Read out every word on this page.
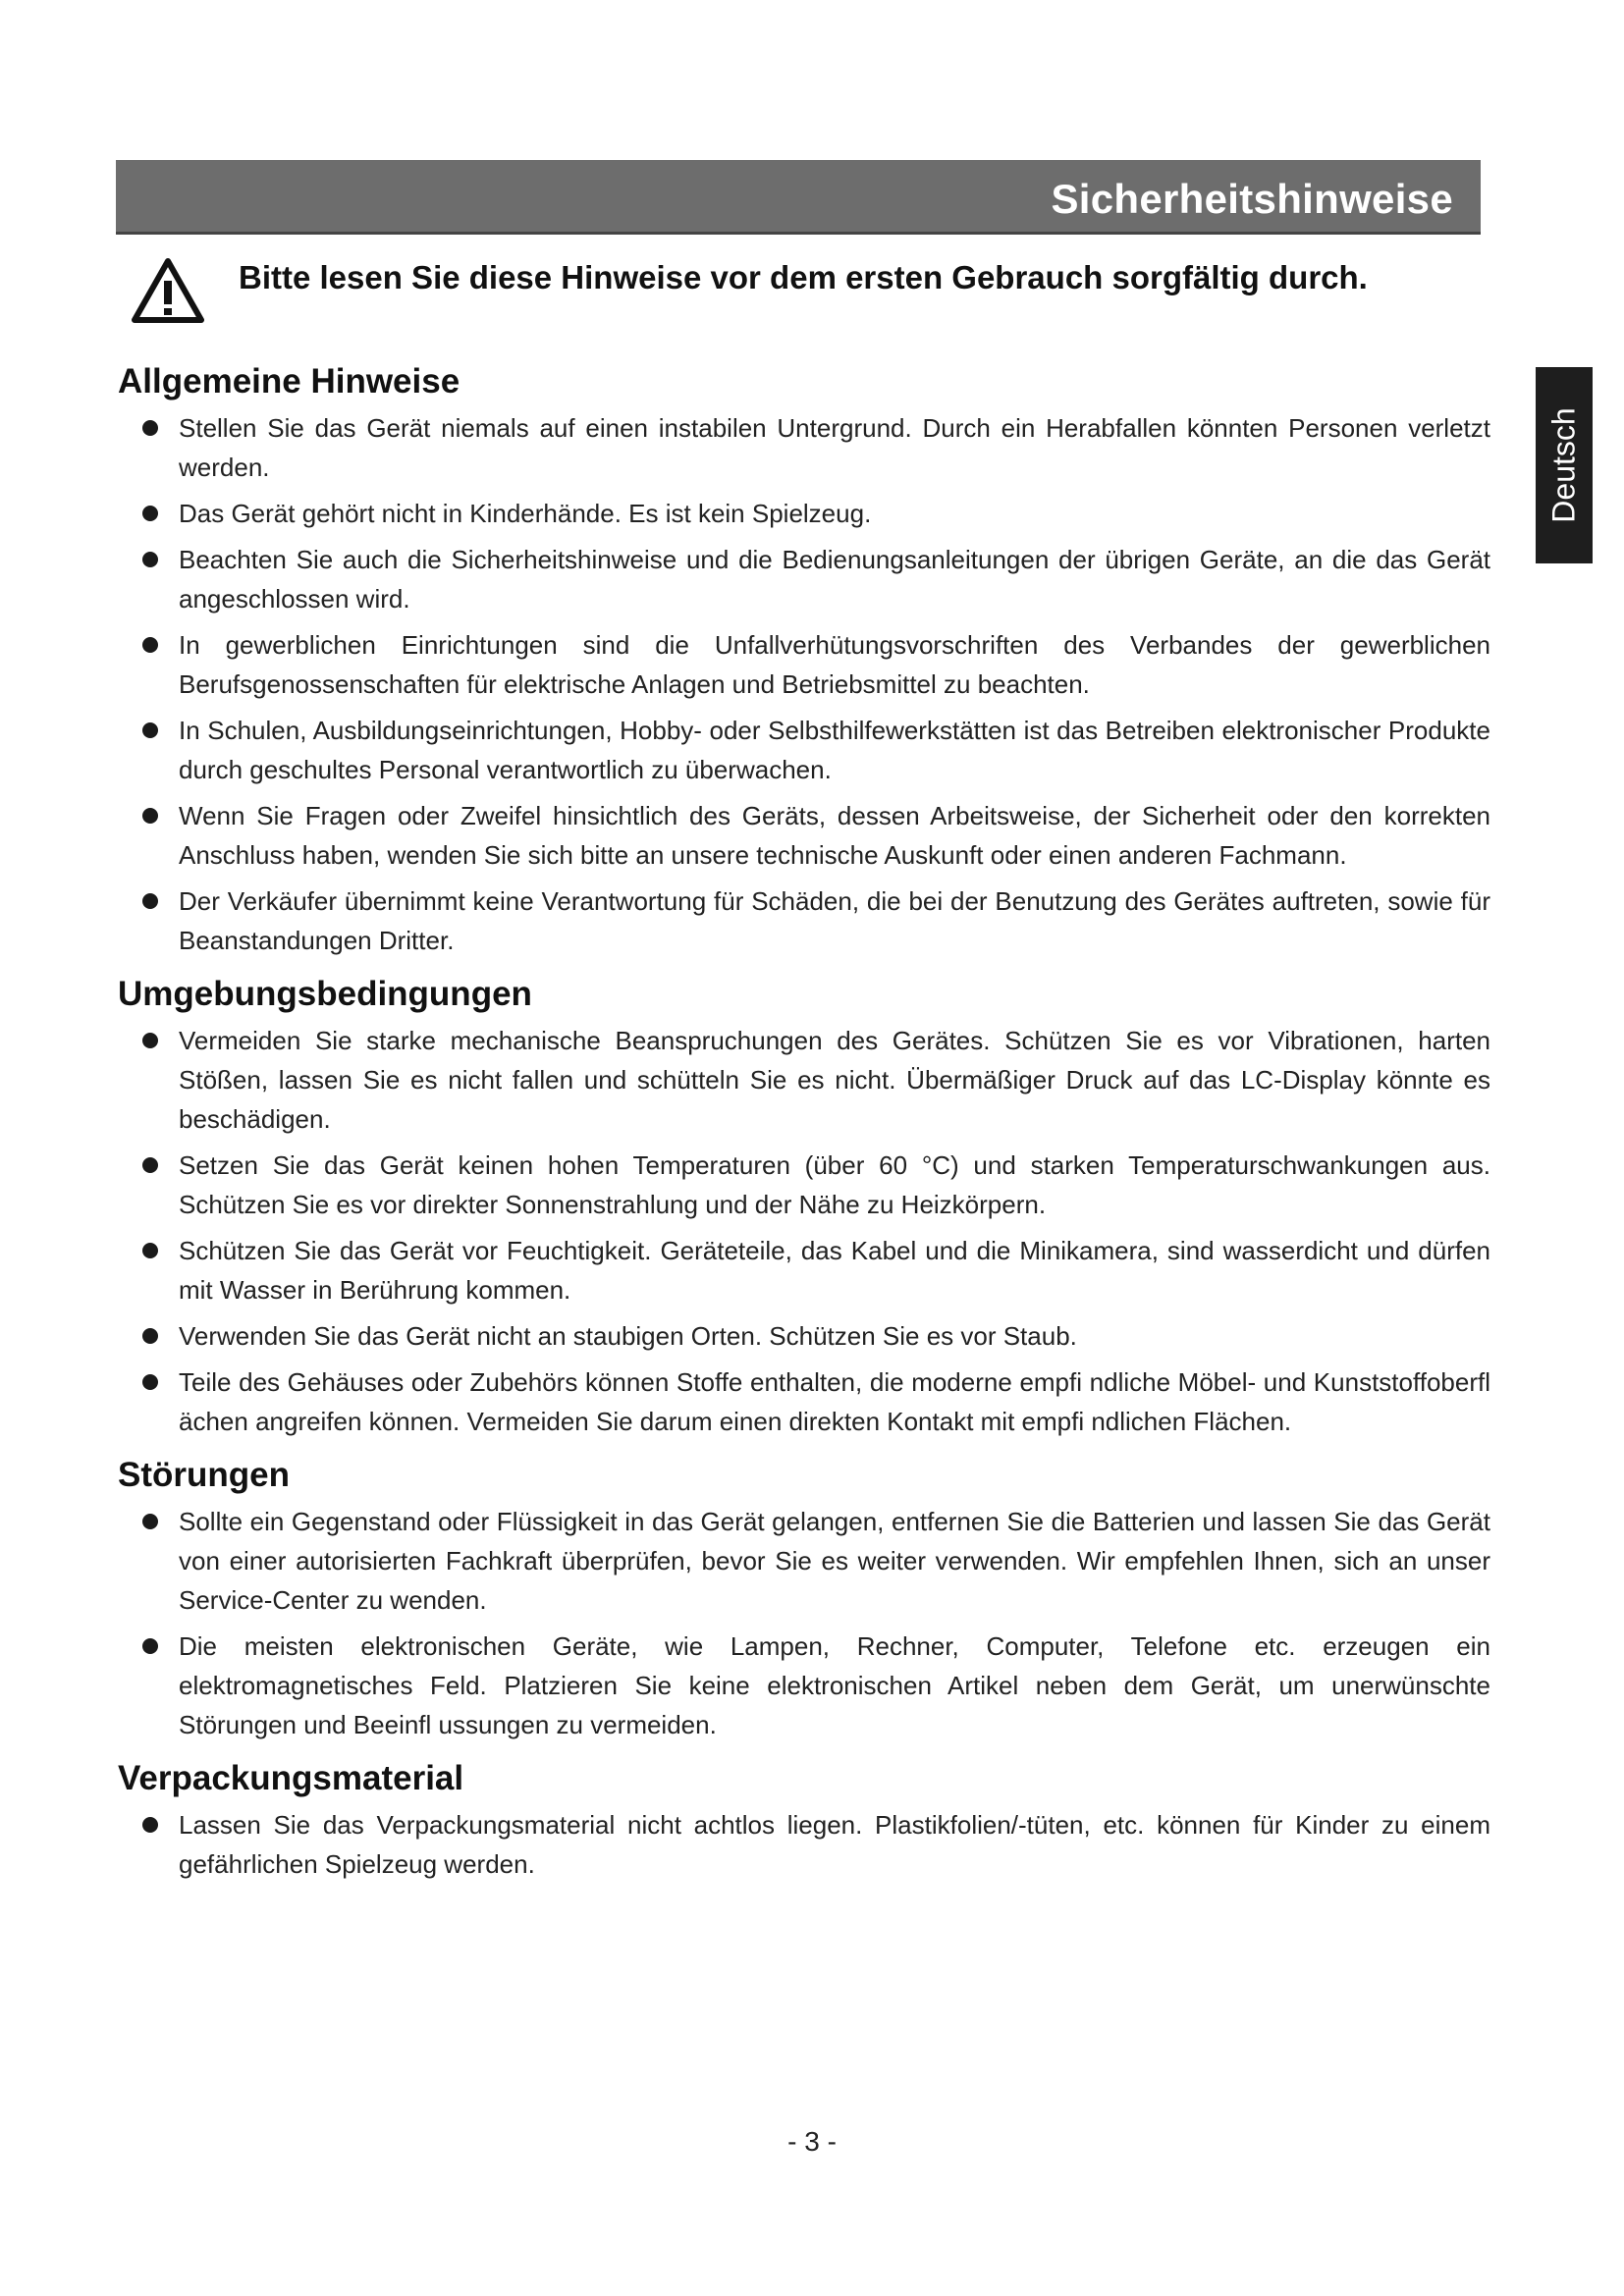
Sicherheitshinweise
Deutsch
Bitte lesen Sie diese Hinweise vor dem ersten Gebrauch sorgfältig durch.
Allgemeine Hinweise
Stellen Sie das Gerät niemals auf einen instabilen Untergrund. Durch ein Herabfallen könnten Personen verletzt werden.
Das Gerät gehört nicht in Kinderhände. Es ist kein Spielzeug.
Beachten Sie auch die Sicherheitshinweise und die Bedienungsanleitungen der übrigen Geräte, an die das Gerät angeschlossen wird.
In gewerblichen Einrichtungen sind die Unfallverhütungsvorschriften des Verbandes der gewerblichen Berufsgenossenschaften für elektrische Anlagen und Betriebsmittel zu beachten.
In Schulen, Ausbildungseinrichtungen, Hobby- oder Selbsthilfewerkstätten ist das Betreiben elektronischer Produkte durch geschultes Personal verantwortlich zu überwachen.
Wenn Sie Fragen oder Zweifel hinsichtlich des Geräts, dessen Arbeitsweise, der Sicherheit oder den korrekten Anschluss haben, wenden Sie sich bitte an unsere technische Auskunft oder einen anderen Fachmann.
Der Verkäufer übernimmt keine Verantwortung für Schäden, die bei der Benutzung des Gerätes auftreten, sowie für Beanstandungen Dritter.
Umgebungsbedingungen
Vermeiden Sie starke mechanische Beanspruchungen des Gerätes. Schützen Sie es vor Vibrationen, harten Stößen, lassen Sie es nicht fallen und schütteln Sie es nicht. Übermäßiger Druck auf das LC-Display könnte es beschädigen.
Setzen Sie das Gerät keinen hohen Temperaturen (über 60 °C) und starken Temperaturschwankungen aus. Schützen Sie es vor direkter Sonnenstrahlung und der Nähe zu Heizkörpern.
Schützen Sie das Gerät vor Feuchtigkeit. Geräteteile, das Kabel und die Minikamera, sind wasserdicht und dürfen mit Wasser in Berührung kommen.
Verwenden Sie das Gerät nicht an staubigen Orten. Schützen Sie es vor Staub.
Teile des Gehäuses oder Zubehörs können Stoffe enthalten, die moderne empfi ndliche Möbel- und Kunststoffoberfl ächen angreifen können. Vermeiden Sie darum einen direkten Kontakt mit empfi ndlichen Flächen.
Störungen
Sollte ein Gegenstand oder Flüssigkeit in das Gerät gelangen, entfernen Sie die Batterien und lassen Sie das Gerät von einer autorisierten Fachkraft überprüfen, bevor Sie es weiter verwenden. Wir empfehlen Ihnen, sich an unser Service-Center zu wenden.
Die meisten elektronischen Geräte, wie Lampen, Rechner, Computer, Telefone etc. erzeugen ein elektromagnetisches Feld. Platzieren Sie keine elektronischen Artikel neben dem Gerät, um unerwünschte Störungen und Beeinfl ussungen zu vermeiden.
Verpackungsmaterial
Lassen Sie das Verpackungsmaterial nicht achtlos liegen. Plastikfolien/-tüten, etc. können für Kinder zu einem gefährlichen Spielzeug werden.
- 3 -
